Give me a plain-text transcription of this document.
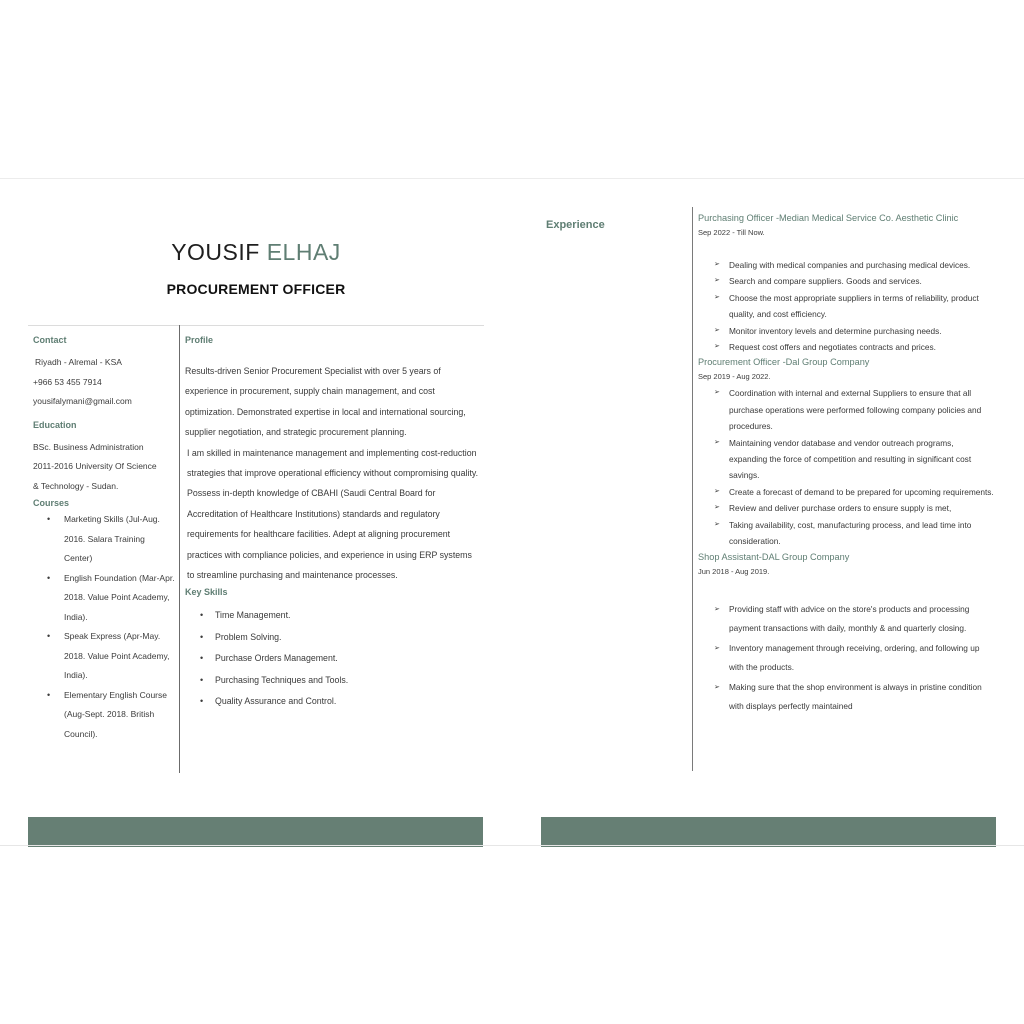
YOUSIF ELHAJ
PROCUREMENT OFFICER
Contact
Riyadh - Alremal - KSA
+966 53 455 7914
yousifalymani@gmail.com
Education
BSc. Business Administration
2011-2016 University Of Science
& Technology - Sudan.
Courses
• Marketing Skills (Jul-Aug. 2016. Salara Training Center)
• English Foundation (Mar-Apr. 2018. Value Point Academy, India).
• Speak Express (Apr-May. 2018. Value Point Academy, India).
• Elementary English Course (Aug-Sept. 2018. British Council).
Profile

Results-driven Senior Procurement Specialist with over 5 years of experience in procurement, supply chain management, and cost optimization. Demonstrated expertise in local and international sourcing, supplier negotiation, and strategic procurement planning.

I am skilled in maintenance management and implementing cost-reduction strategies that improve operational efficiency without compromising quality. Possess in-depth knowledge of CBAHI (Saudi Central Board for Accreditation of Healthcare Institutions) standards and regulatory requirements for healthcare facilities. Adept at aligning procurement practices with compliance policies, and experience in using ERP systems to streamline purchasing and maintenance processes.

Key Skills
• Time Management.
• Problem Solving.
• Purchase Orders Management.
• Purchasing Techniques and Tools.
• Quality Assurance and Control.
Experience
Purchasing Officer -Median Medical Service Co. Aesthetic Clinic
Sep 2022 - Till Now.
➢ Dealing with medical companies and purchasing medical devices.
➢ Search and compare suppliers. Goods and services.
➢ Choose the most appropriate suppliers in terms of reliability, product quality, and cost efficiency.
➢ Monitor inventory levels and determine purchasing needs.
➢ Request cost offers and negotiates contracts and prices.
Procurement Officer -Dal Group Company
Sep 2019 - Aug 2022.
➢ Coordination with internal and external Suppliers to ensure that all purchase operations were performed following company policies and procedures.
➢ Maintaining vendor database and vendor outreach programs, expanding the force of competition and resulting in significant cost savings.
➢ Create a forecast of demand to be prepared for upcoming requirements.
➢ Review and deliver purchase orders to ensure supply is met,
➢ Taking availability, cost, manufacturing process, and lead time into consideration.
Shop Assistant-DAL Group Company
Jun 2018 - Aug 2019.
➢ Providing staff with advice on the store's products and processing payment transactions with daily, monthly & and quarterly closing.
➢ Inventory management through receiving, ordering, and following up with the products.
➢ Making sure that the shop environment is always in pristine condition with displays perfectly maintained
